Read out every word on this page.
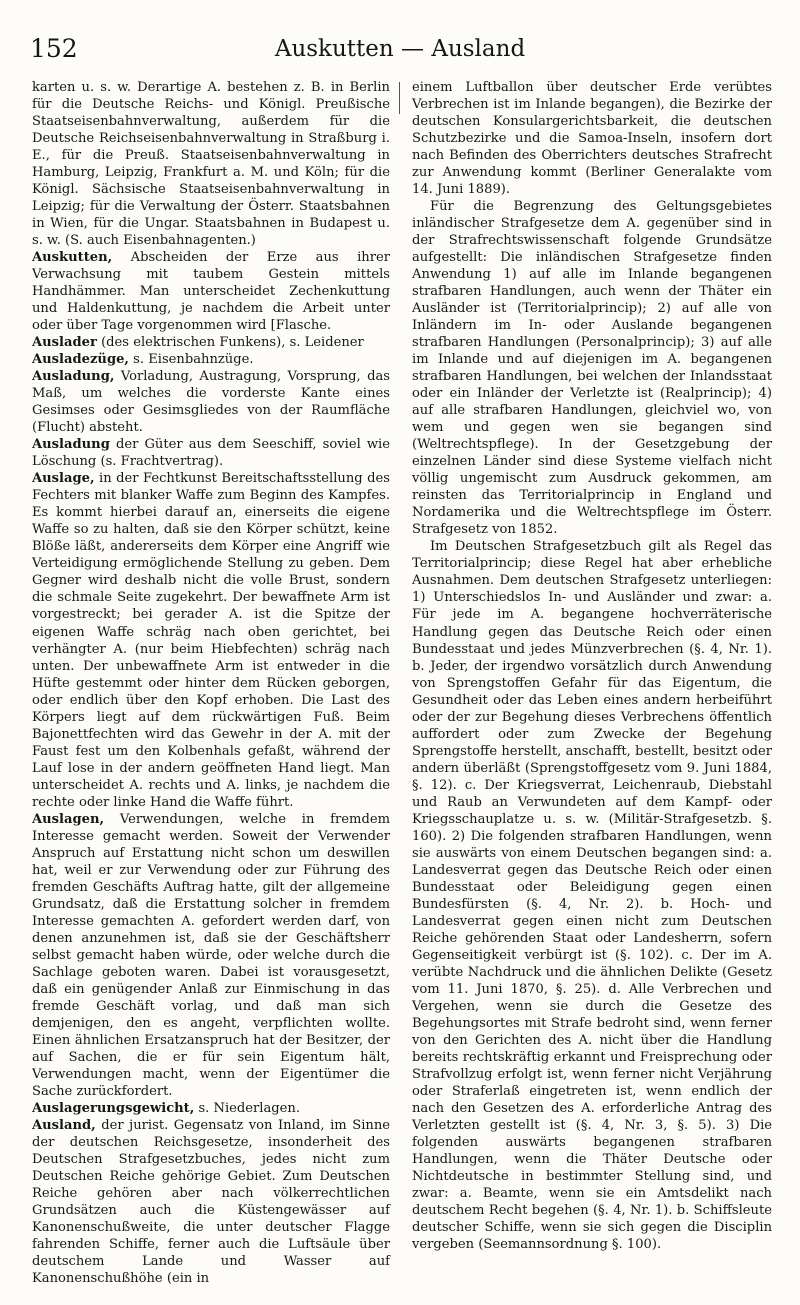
152	Auskutten — Ausland

karten u. s. w. Derartige A. bestehen z. B. in Berlin für die Deutsche Reichs- und Königl. Preußische Staatseisenbahnverwaltung, außerdem für die Deutsche Reichseisenbahnverwaltung in Straßburg i. E., für die Preuß. Staatseisenbahnverwaltung in Hamburg, Leipzig, Frankfurt a. M. und Köln; für die Königl. Sächsische Staatseisenbahnverwaltung in Leipzig; für die Verwaltung der Österr. Staatsbahnen in Wien, für die Ungar. Staatsbahnen in Budapest u. s. w. (S. auch Eisenbahnagenten.)

Auskutten, Abscheiden der Erze aus ihrer Verwachsung mit taubem Gestein mittels Handhämmer. Man unterscheidet Zechenkuttung und Haldenkuttung, je nachdem die Arbeit unter oder über Tage vorgenommen wird [Flasche.

Auslader (des elektrischen Funkens), s. Leidener

Ausladezüge, s. Eisenbahnzüge.

Ausladung, Vorladung, Austragung, Vorsprung, das Maß, um welches die vorderste Kante eines Gesimses oder Gesimsgliedes von der Raumfläche (Flucht) absteht.

Ausladung der Güter aus dem Seeschiff, soviel wie Löschung (s. Frachtvertrag).

Auslage, in der Fechtkunst Bereitschaftsstellung des Fechters mit blanker Waffe zum Beginn des Kampfes. Es kommt hierbei darauf an, einerseits die eigene Waffe so zu halten, daß sie den Körper schützt, keine Blöße läßt, andererseits dem Körper eine Angriff wie Verteidigung ermöglichende Stellung zu geben. Dem Gegner wird deshalb nicht die volle Brust, sondern die schmale Seite zugekehrt. Der bewaffnete Arm ist vorgestreckt; bei gerader A. ist die Spitze der eigenen Waffe schräg nach oben gerichtet, bei verhängter A. (nur beim Hiebfechten) schräg nach unten. Der unbewaffnete Arm ist entweder in die Hüfte gestemmt oder hinter dem Rücken geborgen, oder endlich über den Kopf erhoben. Die Last des Körpers liegt auf dem rückwärtigen Fuß. Beim Bajonettfechten wird das Gewehr in der A. mit der Faust fest um den Kolbenhals gefaßt, während der Lauf lose in der andern geöffneten Hand liegt. Man unterscheidet A. rechts und A. links, je nachdem die rechte oder linke Hand die Waffe führt.

Auslagen, Verwendungen, welche in fremdem Interesse gemacht werden. Soweit der Verwender Anspruch auf Erstattung nicht schon um deswillen hat, weil er zur Verwendung oder zur Führung des fremden Geschäfts Auftrag hatte, gilt der allgemeine Grundsatz, daß die Erstattung solcher in fremdem Interesse gemachten A. gefordert werden darf, von denen anzunehmen ist, daß sie der Geschäftsherr selbst gemacht haben würde, oder welche durch die Sachlage geboten waren. Dabei ist vorausgesetzt, daß ein genügender Anlaß zur Einmischung in das fremde Geschäft vorlag, und daß man sich demjenigen, den es angeht, verpflichten wollte. Einen ähnlichen Ersatzanspruch hat der Besitzer, der auf Sachen, die er für sein Eigentum hält, Verwendungen macht, wenn der Eigentümer die Sache zurückfordert.

Auslagerungsgewicht, s. Niederlagen.

Ausland, der jurist. Gegensatz von Inland, im Sinne der deutschen Reichsgesetze, insonderheit des Deutschen Strafgesetzbuches, jedes nicht zum Deutschen Reiche gehörige Gebiet. Zum Deutschen Reiche gehören aber nach völkerrechtlichen Grundsätzen auch die Küstengewässer auf Kanonenschußweite, die unter deutscher Flagge fahrenden Schiffe, ferner auch die Luftsäule über deutschem Lande und Wasser auf Kanonenschußhöhe (ein in

einem Luftballon über deutscher Erde verübtes Verbrechen ist im Inlande begangen), die Bezirke der deutschen Konsulargerichtsbarkeit, die deutschen Schutzbezirke und die Samoa-Inseln, insofern dort nach Befinden des Oberrichters deutsches Strafrecht zur Anwendung kommt (Berliner Generalakte vom 14. Juni 1889).

Für die Begrenzung des Geltungsgebietes inländischer Strafgesetze dem A. gegenüber sind in der Strafrechtswissenschaft folgende Grundsätze aufgestellt: Die inländischen Strafgesetze finden Anwendung 1) auf alle im Inlande begangenen strafbaren Handlungen, auch wenn der Thäter ein Ausländer ist (Territorialprincip); 2) auf alle von Inländern im In- oder Auslande begangenen strafbaren Handlungen (Personalprincip); 3) auf alle im Inlande und auf diejenigen im A. begangenen strafbaren Handlungen, bei welchen der Inlandsstaat oder ein Inländer der Verletzte ist (Realprincip); 4) auf alle strafbaren Handlungen, gleichviel wo, von wem und gegen wen sie begangen sind (Weltrechtspflege). In der Gesetzgebung der einzelnen Länder sind diese Systeme vielfach nicht völlig ungemischt zum Ausdruck gekommen, am reinsten das Territorialprincip in England und Nordamerika und die Weltrechtspflege im Österr. Strafgesetz von 1852.

Im Deutschen Strafgesetzbuch gilt als Regel das Territorialprincip; diese Regel hat aber erhebliche Ausnahmen. Dem deutschen Strafgesetz unterliegen: 1) Unterschiedslos In- und Ausländer und zwar: a. Für jede im A. begangene hochverräterische Handlung gegen das Deutsche Reich oder einen Bundesstaat und jedes Münzverbrechen (§. 4, Nr. 1). b. Jeder, der irgendwo vorsätzlich durch Anwendung von Sprengstoffen Gefahr für das Eigentum, die Gesundheit oder das Leben eines andern herbeiführt oder der zur Begehung dieses Verbrechens öffentlich auffordert oder zum Zwecke der Begehung Sprengstoffe herstellt, anschafft, bestellt, besitzt oder andern überläßt (Sprengstoffgesetz vom 9. Juni 1884, §. 12). c. Der Kriegsverrat, Leichenraub, Diebstahl und Raub an Verwundeten auf dem Kampf- oder Kriegsschauplatze u. s. w. (Militär-Strafgesetzb. §. 160). 2) Die folgenden strafbaren Handlungen, wenn sie auswärts von einem Deutschen begangen sind: a. Landesverrat gegen das Deutsche Reich oder einen Bundesstaat oder Beleidigung gegen einen Bundesfürsten (§. 4, Nr. 2). b. Hoch- und Landesverrat gegen einen nicht zum Deutschen Reiche gehörenden Staat oder Landesherrn, sofern Gegenseitigkeit verbürgt ist (§. 102). c. Der im A. verübte Nachdruck und die ähnlichen Delikte (Gesetz vom 11. Juni 1870, §. 25). d. Alle Verbrechen und Vergehen, wenn sie durch die Gesetze des Begehungsortes mit Strafe bedroht sind, wenn ferner von den Gerichten des A. nicht über die Handlung bereits rechtskräftig erkannt und Freisprechung oder Strafvollzug erfolgt ist, wenn ferner nicht Verjährung oder Straferlaß eingetreten ist, wenn endlich der nach den Gesetzen des A. erforderliche Antrag des Verletzten gestellt ist (§. 4, Nr. 3, §. 5). 3) Die folgenden auswärts begangenen strafbaren Handlungen, wenn die Thäter Deutsche oder Nichtdeutsche in bestimmter Stellung sind, und zwar: a. Beamte, wenn sie ein Amtsdelikt nach deutschem Recht begehen (§. 4, Nr. 1). b. Schiffsleute deutscher Schiffe, wenn sie sich gegen die Disciplin vergeben (Seemannsordnung §. 100).
